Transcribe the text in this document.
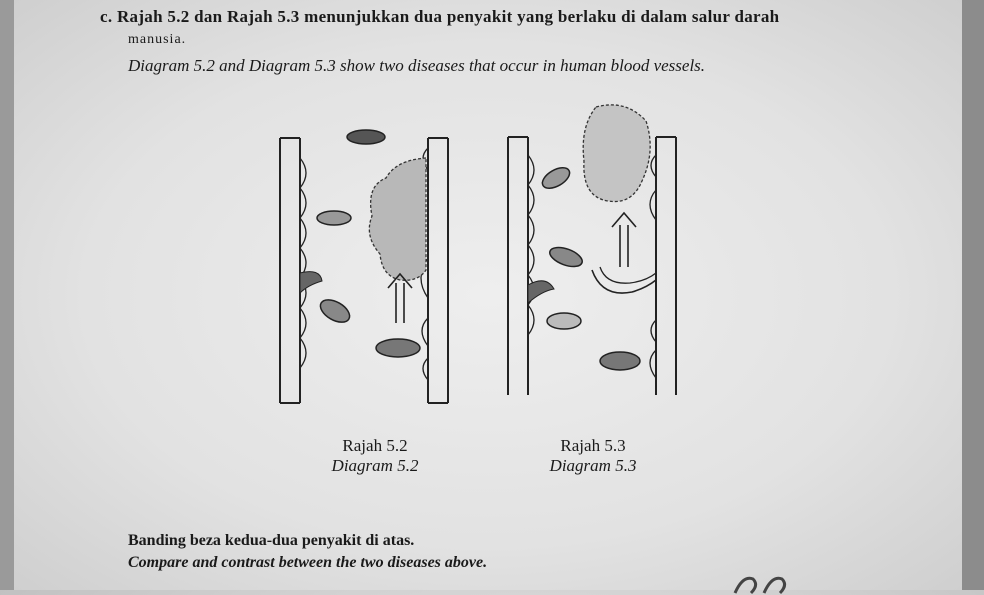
c. Rajah 5.2 dan Rajah 5.3 menunjukkan dua penyakit yang berlaku di dalam salur darah
manusia.
Diagram 5.2 and Diagram 5.3 show two diseases that occur in human blood vessels.
Rajah 5.2
Diagram 5.2
Rajah 5.3
Diagram 5.3
Banding beza kedua-dua penyakit di atas.
Compare and contrast between the two diseases above.
